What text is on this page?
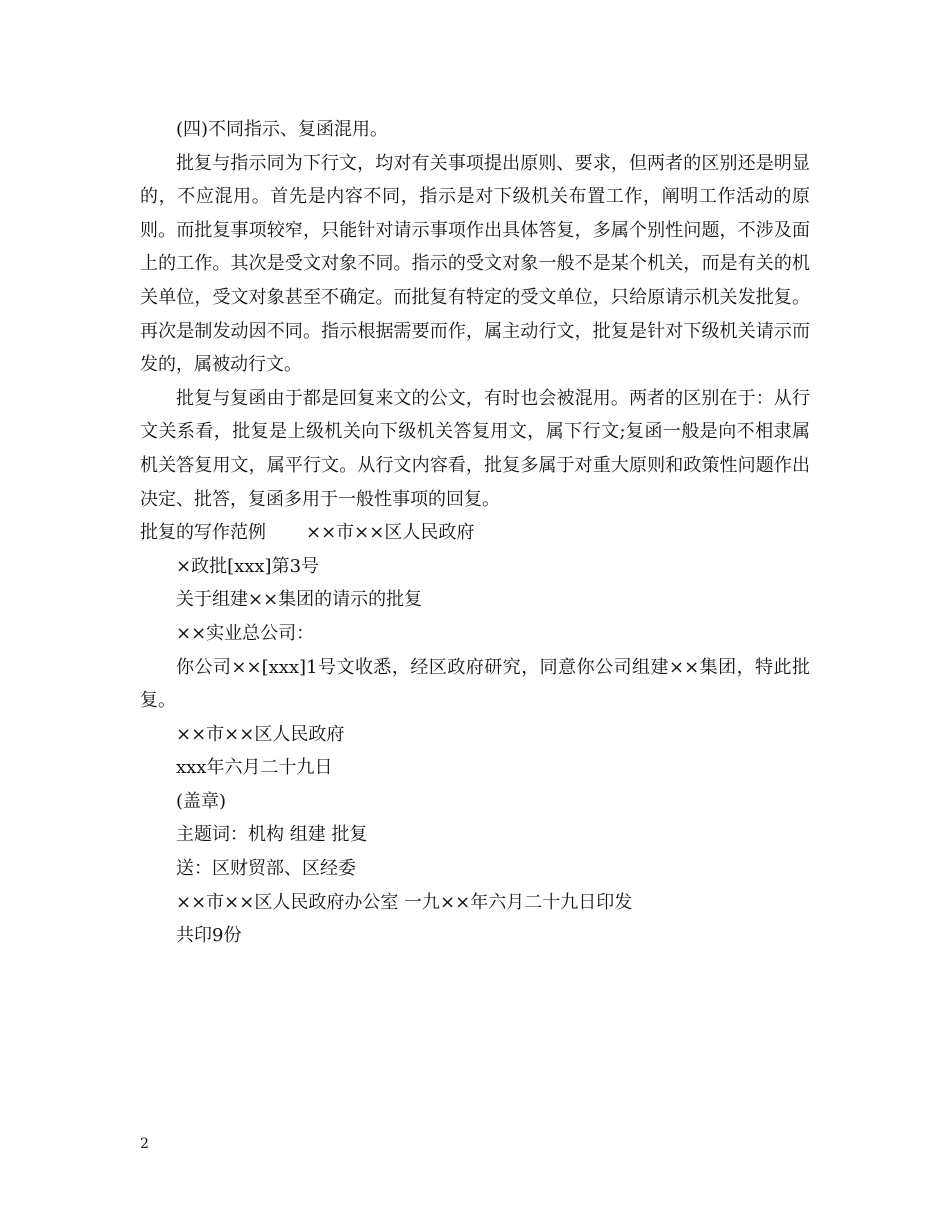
(四)不同指示、复函混用。

批复与指示同为下行文，均对有关事项提出原则、要求，但两者的区别还是明显的，不应混用。首先是内容不同，指示是对下级机关布置工作，阐明工作活动的原则。而批复事项较窄，只能针对请示事项作出具体答复，多属个别性问题，不涉及面上的工作。其次是受文对象不同。指示的受文对象一般不是某个机关，而是有关的机关单位，受文对象甚至不确定。而批复有特定的受文单位，只给原请示机关发批复。再次是制发动因不同。指示根据需要而作，属主动行文，批复是针对下级机关请示而发的，属被动行文。

批复与复函由于都是回复来文的公文，有时也会被混用。两者的区别在于：从行文关系看，批复是上级机关向下级机关答复用文，属下行文;复函一般是向不相隶属机关答复用文，属平行文。从行文内容看，批复多属于对重大原则和政策性问题作出决定、批答，复函多用于一般性事项的回复。

批复的写作范例 ××市××区人民政府

×政批[xxx]第3号

关于组建××集团的请示的批复

××实业总公司：

你公司××[xxx]1号文收悉，经区政府研究，同意你公司组建××集团，特此批复。

××市××区人民政府

xxx年六月二十九日

(盖章)

主题词：机构 组建 批复

送：区财贸部、区经委

××市××区人民政府办公室 一九××年六月二十九日印发

共印9份

2
